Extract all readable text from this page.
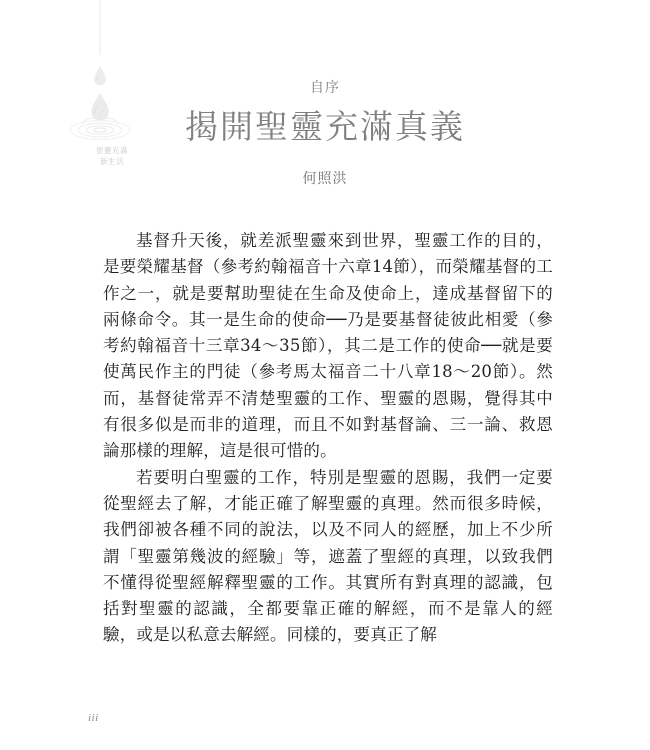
聖靈充滿
新生活
自序
揭開聖靈充滿真義
何照洪

基督升天後，就差派聖靈來到世界，聖靈工作的目的，是要榮耀基督（參考約翰福音十六章14節），而榮耀基督的工作之一，就是要幫助聖徒在生命及使命上，達成基督留下的兩條命令。其一是生命的使命──乃是要基督徒彼此相愛（參考約翰福音十三章34～35節），其二是工作的使命──就是要使萬民作主的門徒（參考馬太福音二十八章18～20節）。然而，基督徒常弄不清楚聖靈的工作、聖靈的恩賜，覺得其中有很多似是而非的道理，而且不如對基督論、三一論、救恩論那樣的理解，這是很可惜的。

若要明白聖靈的工作，特別是聖靈的恩賜，我們一定要從聖經去了解，才能正確了解聖靈的真理。然而很多時候，我們卻被各種不同的說法，以及不同人的經歷，加上不少所謂「聖靈第幾波的經驗」等，遮蓋了聖經的真理，以致我們不懂得從聖經解釋聖靈的工作。其實所有對真理的認識，包括對聖靈的認識，全都要靠正確的解經，而不是靠人的經驗，或是以私意去解經。同樣的，要真正了解

iii
